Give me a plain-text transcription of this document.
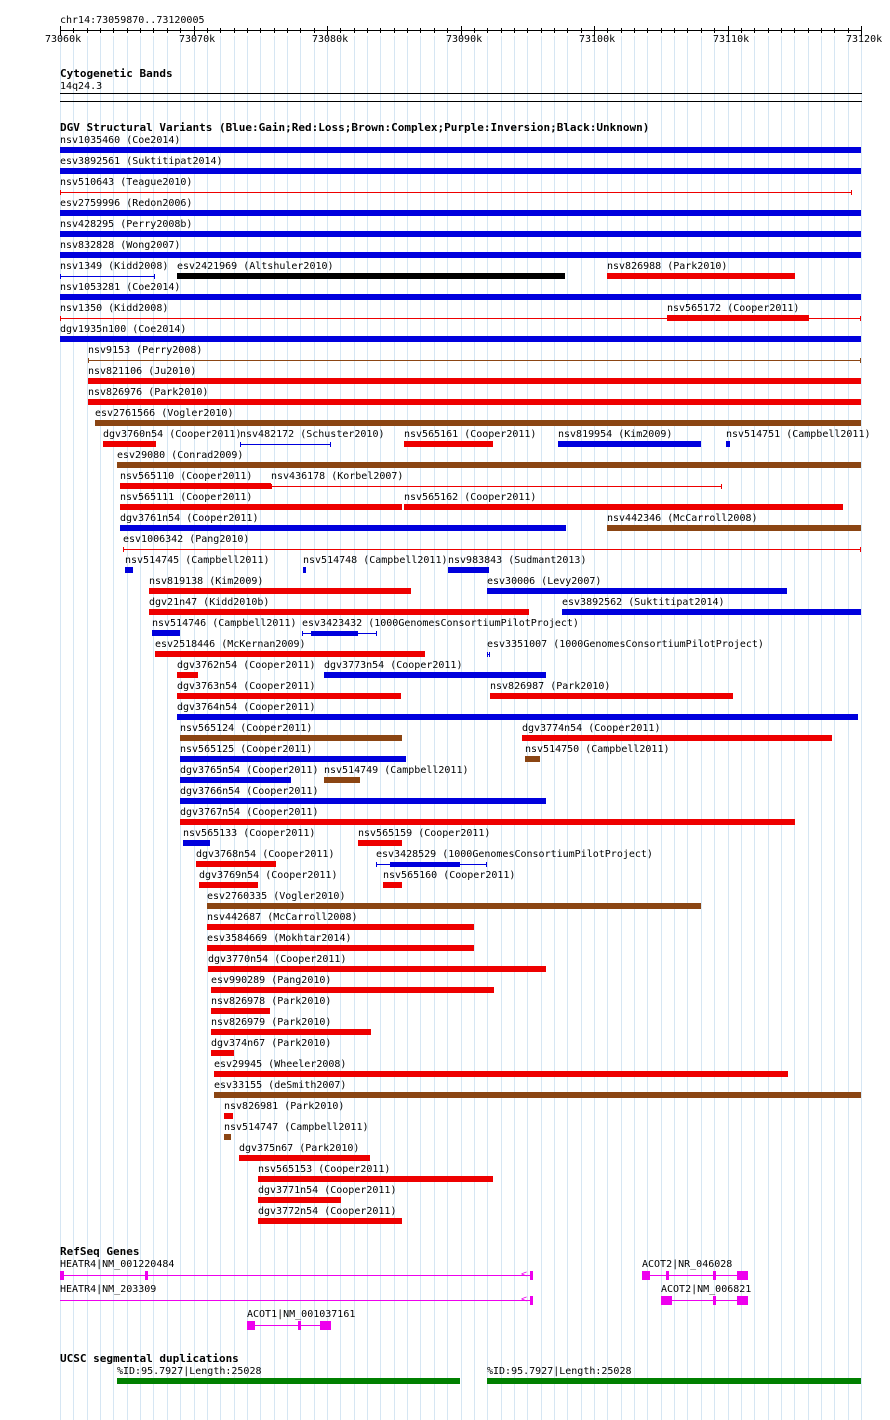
chr14:73059870..73120005
73060k	73070k	73080k	73090k	73100k	73110k	73120k
Cytogenetic Bands
14q24.3
DGV Structural Variants (Blue:Gain;Red:Loss;Brown:Complex;Purple:Inversion;Black:Unknown)
nsv1035460 (Coe2014)
esv3892561 (Suktitipat2014)
nsv510643 (Teague2010)
esv2759996 (Redon2006)
nsv428295 (Perry2008b)
nsv832828 (Wong2007)
nsv1349 (Kidd2008) esv2421969 (Altshuler2010)	nsv826988 (Park2010)
nsv1053281 (Coe2014)
nsv1350 (Kidd2008)	nsv565172 (Cooper2011)
dgv1935n100 (Coe2014)
nsv9153 (Perry2008)
nsv821106 (Ju2010)
nsv826976 (Park2010)
esv2761566 (Vogler2010)
dgv3760n54 (Cooper2011)
nsv482172 (Schuster2010) nsv565161 (Cooper2011) nsv819954 (Kim2009)	nsv514751 (Campbell2011)
esv29080 (Conrad2009)
nsv565110 (Cooper2011) nsv436178 (Korbel2007)
nsv565111 (Cooper2011)	nsv565162 (Cooper2011)
dgv3761n54 (Cooper2011)	nsv442346 (McCarroll2008)
esv1006342 (Pang2010)
nsv514745 (Campbell2011)	nsv514748 (Campbell2011) nsv983843 (Sudmant2013)
nsv819138 (Kim2009)	esv30006 (Levy2007)
dgv21n47 (Kidd2010b)	esv3892562 (Suktitipat2014)
nsv514746 (Campbell2011) esv3423432 (1000GenomesConsortiumPilotProject)
esv2518446 (McKernan2009)	esv3351007 (1000GenomesConsortiumPilotProject)
dgv3762n54 (Cooper2011) dgv3773n54 (Cooper2011)
dgv3763n54 (Cooper2011)	nsv826987 (Park2010)
dgv3764n54 (Cooper2011)
nsv565124 (Cooper2011)	dgv3774n54 (Cooper2011)
nsv565125 (Cooper2011)	nsv514750 (Campbell2011)
dgv3765n54 (Cooper2011) nsv514749 (Campbell2011)
dgv3766n54 (Cooper2011)
dgv3767n54 (Cooper2011)
nsv565133 (Cooper2011)	nsv565159 (Cooper2011)
dgv3768n54 (Cooper2011)	esv3428529 (1000GenomesConsortiumPilotProject)
dgv3769n54 (Cooper2011)	nsv565160 (Cooper2011)
esv2760335 (Vogler2010)
nsv442687 (McCarroll2008)
esv3584669 (Mokhtar2014)
dgv3770n54 (Cooper2011)
esv990289 (Pang2010)
nsv826978 (Park2010)
nsv826979 (Park2010)
dgv374n67 (Park2010)
esv29945 (Wheeler2008)
esv33155 (deSmith2007)
nsv826981 (Park2010)
nsv514747 (Campbell2011)
dgv375n67 (Park2010)
nsv565153 (Cooper2011)
dgv3771n54 (Cooper2011)
dgv3772n54 (Cooper2011)
RefSeq Genes
HEATR4|NM_001220484
<
HEATR4|NM_203309
<
ACOT1|NM_001037161
ACOT2|NR_046028
ACOT2|NM_006821
UCSC segmental duplications
%ID:95.7927|Length:25028	%ID:95.7927|Length:25028
